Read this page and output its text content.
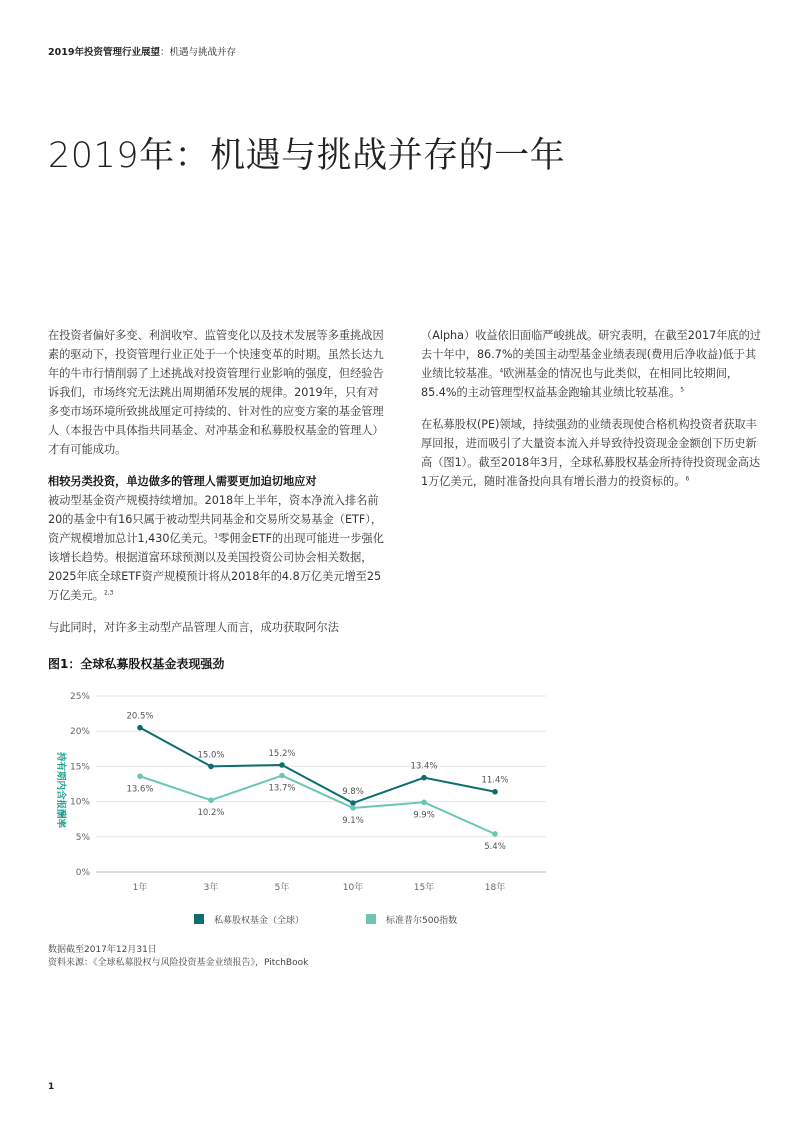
2019年投资管理行业展望：机遇与挑战并存
2019年：机遇与挑战并存的一年

在投资者偏好多变、利润收窄、监管变化以及技术发展等多重挑战因素的驱动下，投资管理行业正处于一个快速变革的时期。虽然长达九年的牛市行情削弱了上述挑战对投资管理行业影响的强度，但经验告诉我们，市场终究无法跳出周期循环发展的规律。2019年，只有对多变市场环境所致挑战厘定可持续的、针对性的应变方案的基金管理人（本报告中具体指共同基金、对冲基金和私募股权基金的管理人）才有可能成功。

相较另类投资，单边做多的管理人需要更加迫切地应对

被动型基金资产规模持续增加。2018年上半年，资本净流入排名前20的基金中有16只属于被动型共同基金和交易所交易基金（ETF），资产规模增加总计1,430亿美元。$^1$零佣金ETF的出现可能进一步强化该增长趋势。根据道富环球预测以及美国投资公司协会相关数据，2025年底全球ETF资产规模预计将从2018年的4.8万亿美元增至25万亿美元。$^{2,3}$

与此同时，对许多主动型产品管理人而言，成功获取阿尔法

（Alpha）收益依旧面临严峻挑战。研究表明，在截至2017年底的过去十年中，86.7%的美国主动型基金业绩表现(费用后净收益)低于其业绩比较基准。$^4$欧洲基金的情况也与此类似，在相同比较期间，85.4%的主动管理型权益基金跑输其业绩比较基准。$^5$

在私募股权(PE)领域，持续强劲的业绩表现使合格机构投资者获取丰厚回报，进而吸引了大量资本流入并导致待投资现金金额创下历史新高（图1）。截至2018年3月，全球私募股权基金所持待投资现金高达1万亿美元，随时准备投向具有增长潜力的投资标的。$^6$

图1：全球私募股权基金表现强劲
0%
5%
10%
15%
20%
25%
1年	3年	5年	10年	15年	18年
20.5%
15.0%	15.2%
9.8%
13.4%
11.4%
13.6%
10.2%
13.7%
9.1%
9.9%
5.4%
私募股权基金（全球）	标准普尔500指数
持有期内含报酬率
数据截至2017年12月31日
资料来源：《全球私募股权与风险投资基金业绩报告》，PitchBook
1
